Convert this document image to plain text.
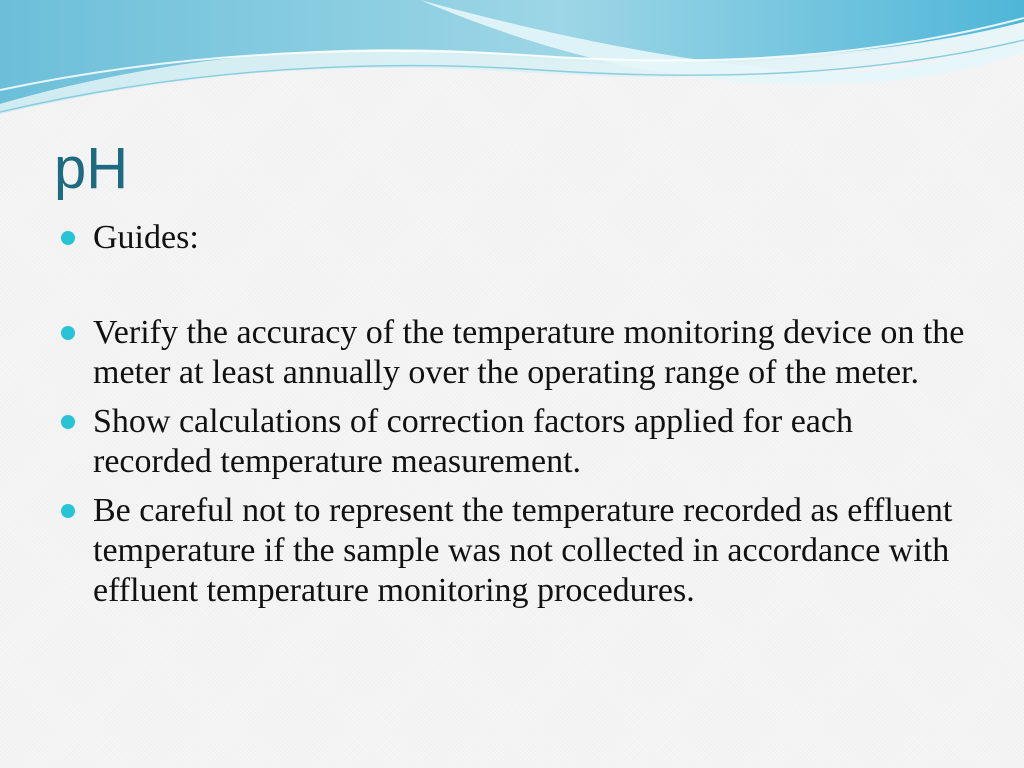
pH
Guides:
Verify the accuracy of the temperature monitoring device on the meter at least annually over the operating range of the meter.
Show calculations of correction factors applied for each recorded temperature measurement.
Be careful not to represent the temperature recorded as effluent temperature if the sample was not collected in accordance with effluent temperature monitoring procedures.
